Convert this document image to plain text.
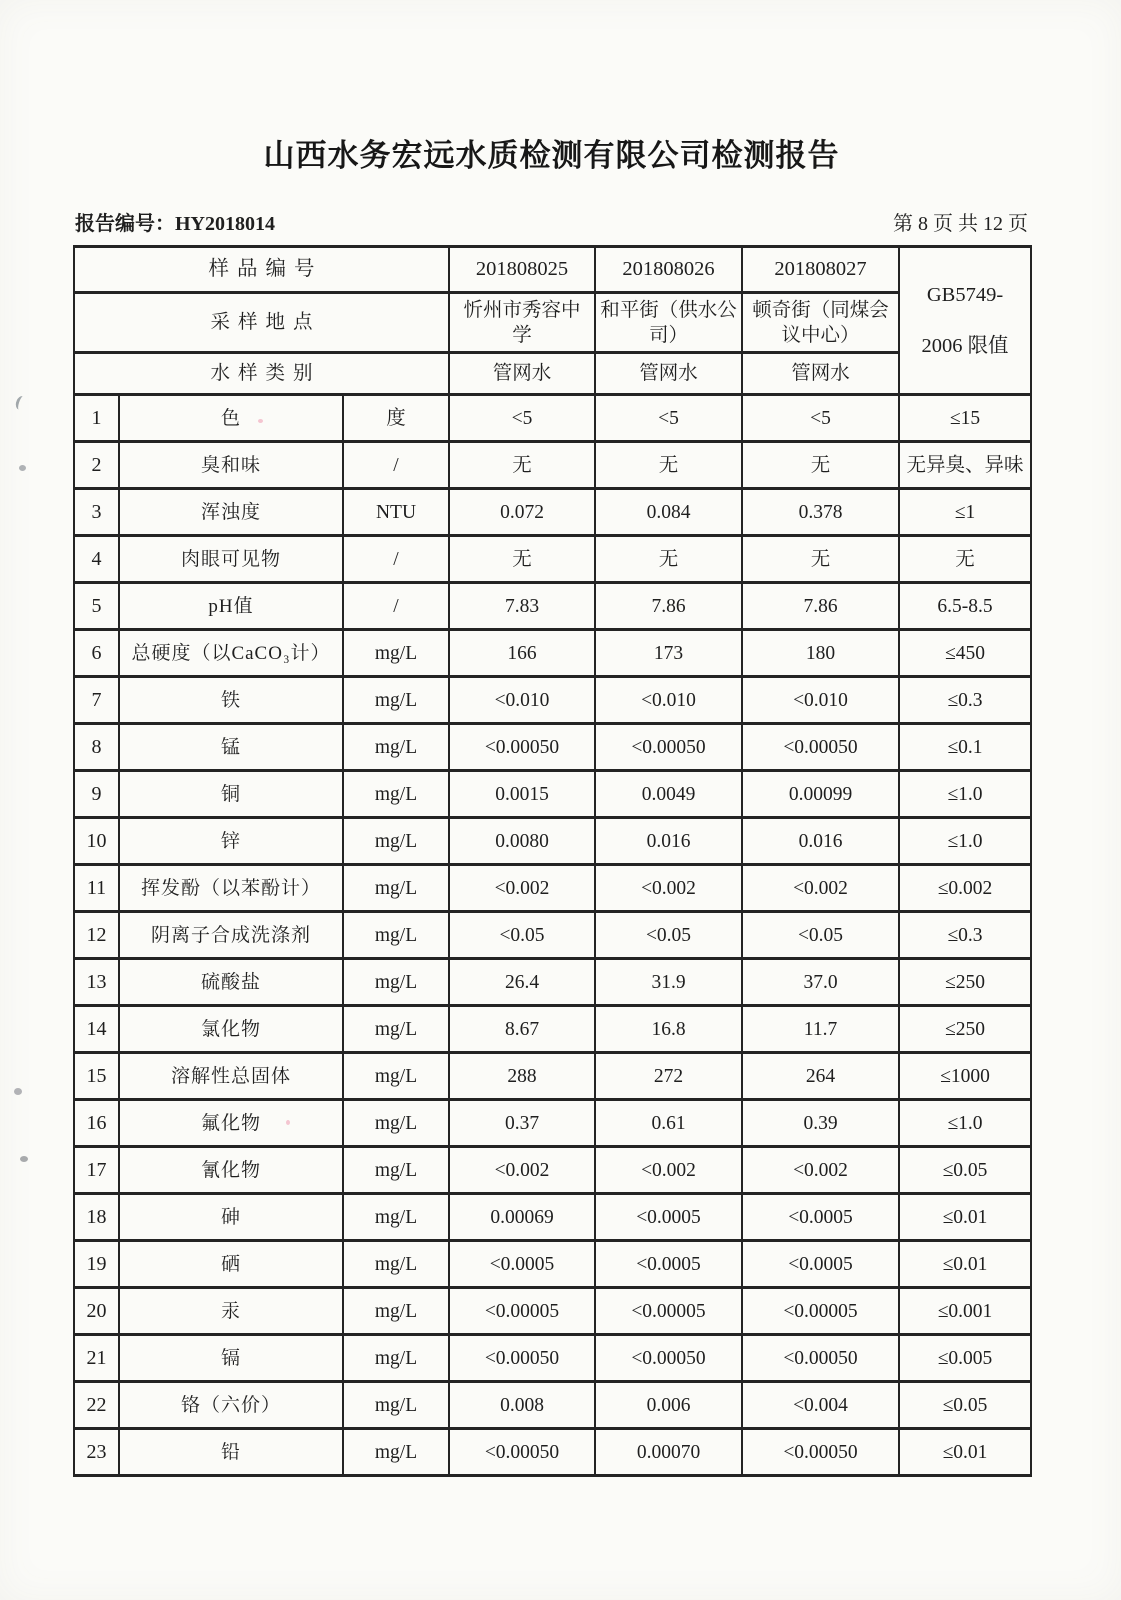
山西水务宏远水质检测有限公司检测报告
报告编号：HY2018014	第 8 页 共 12 页
样品编号			201808025	201808026	201808027	GB5749-
2006 限值

采样地点			忻州市秀容中学	和平街（供水公司）	顿奇街（同煤会议中心）	
水样类别			管网水	管网水	管网水	
1	色	度	<5	<5	<5	≤15
2	臭和味	/	无	无	无	无异臭、异味
3	浑浊度	NTU	0.072	0.084	0.378	≤1
4	肉眼可见物	/	无	无	无	无
5	pH值	/	7.83	7.86	7.86	6.5-8.5
6	总硬度（以CaCO₃计）	mg/L	166	173	180	≤450
7	铁	mg/L	<0.010	<0.010	<0.010	≤0.3
8	锰	mg/L	<0.00050	<0.00050	<0.00050	≤0.1
9	铜	mg/L	0.0015	0.0049	0.00099	≤1.0
10	锌	mg/L	0.0080	0.016	0.016	≤1.0
11	挥发酚（以苯酚计）	mg/L	<0.002	<0.002	<0.002	≤0.002
12	阴离子合成洗涤剂	mg/L	<0.05	<0.05	<0.05	≤0.3
13	硫酸盐	mg/L	26.4	31.9	37.0	≤250
14	氯化物	mg/L	8.67	16.8	11.7	≤250
15	溶解性总固体	mg/L	288	272	264	≤1000
16	氟化物	mg/L	0.37	0.61	0.39	≤1.0
17	氰化物	mg/L	<0.002	<0.002	<0.002	≤0.05
18	砷	mg/L	0.00069	<0.0005	<0.0005	≤0.01
19	硒	mg/L	<0.0005	<0.0005	<0.0005	≤0.01
20	汞	mg/L	<0.00005	<0.00005	<0.00005	≤0.001
21	镉	mg/L	<0.00050	<0.00050	<0.00050	≤0.005
22	铬（六价）	mg/L	0.008	0.006	<0.004	≤0.05
23	铅	mg/L	<0.00050	0.00070	<0.00050	≤0.01
